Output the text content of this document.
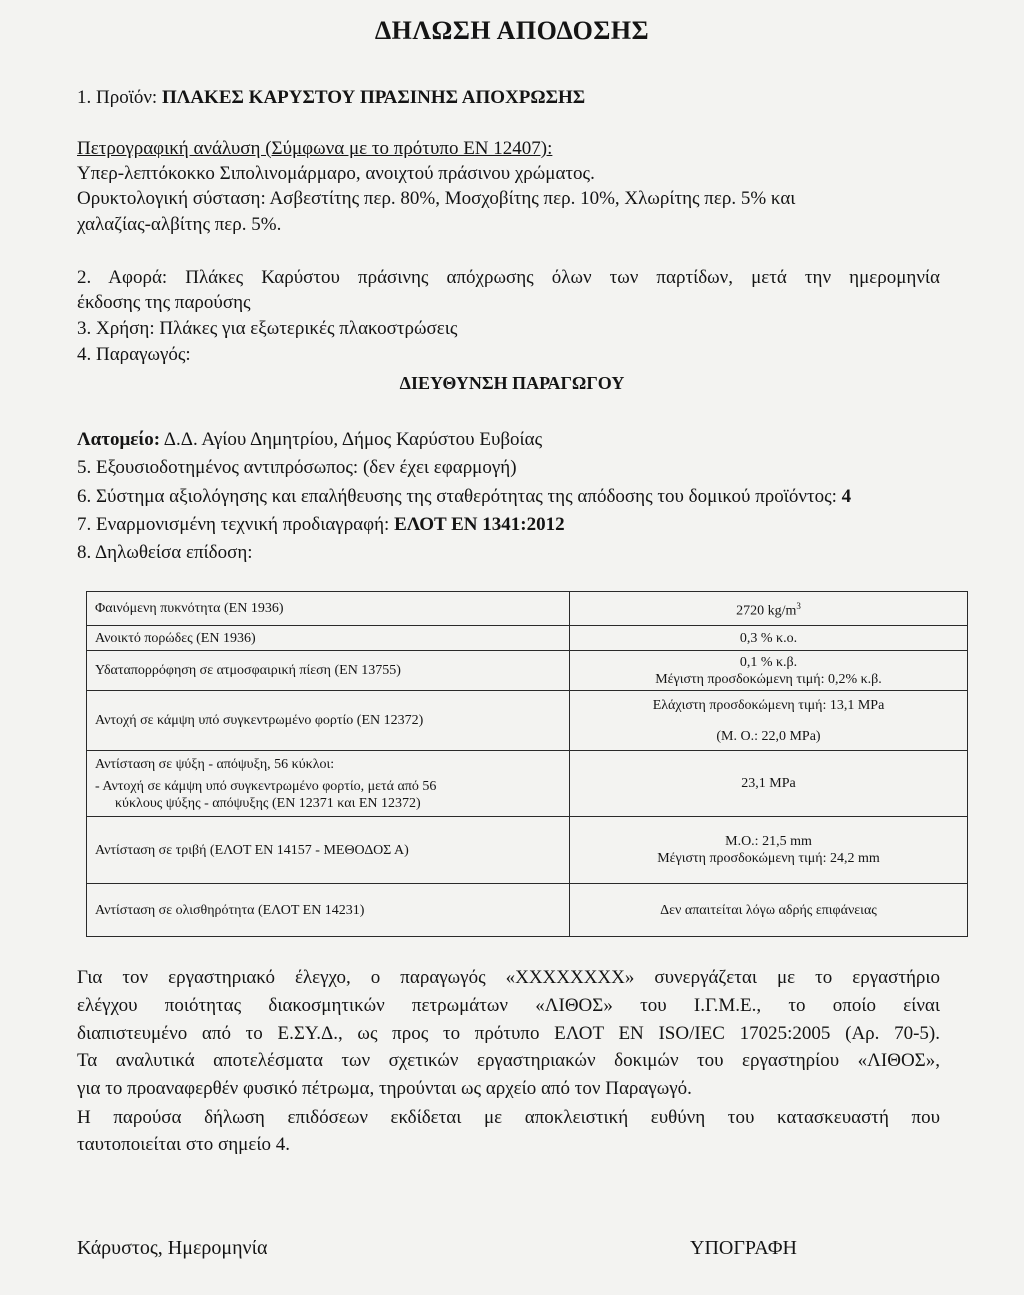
ΔΗΛΩΣΗ ΑΠΟΔΟΣΗΣ
1. Προϊόν: ΠΛΑΚΕΣ ΚΑΡΥΣΤΟΥ ΠΡΑΣΙΝΗΣ ΑΠΟΧΡΩΣΗΣ
Πετρογραφική ανάλυση (Σύμφωνα με το πρότυπο ΕΝ 12407):
Υπερ-λεπτόκοκκο Σιπολινομάρμαρο, ανοιχτού πράσινου χρώματος.
Ορυκτολογική σύσταση: Ασβεστίτης περ. 80%, Μοσχοβίτης περ. 10%, Χλωρίτης περ. 5% και
χαλαζίας-αλβίτης περ. 5%.
2. Αφορά: Πλάκες Καρύστου πράσινης απόχρωσης όλων των παρτίδων, μετά την ημερομηνία
έκδοσης της παρούσης
3. Χρήση: Πλάκες για εξωτερικές πλακοστρώσεις
4. Παραγωγός:
ΔΙΕΥΘΥΝΣΗ ΠΑΡΑΓΩΓΟΥ
Λατομείο: Δ.Δ. Αγίου Δημητρίου, Δήμος Καρύστου Ευβοίας
5. Εξουσιοδοτημένος αντιπρόσωπος: (δεν έχει εφαρμογή)
6. Σύστημα αξιολόγησης και επαλήθευσης της σταθερότητας της απόδοσης του δομικού προϊόντος: 4
7. Εναρμονισμένη τεχνική προδιαγραφή: ΕΛΟΤ ΕΝ 1341:2012
8. Δηλωθείσα επίδοση:
Φαινόμενη πυκνότητα (ΕΝ 1936)	2720 $kg/m^3$
Ανοικτό πορώδες (ΕΝ 1936)	0,3 % κ.ο.
Υδαταπορρόφηση σε ατμοσφαιρική πίεση (ΕΝ 13755)	0,1 % κ.β.
Μέγιστη προσδοκώμενη τιμή: 0,2% κ.β.

Αντοχή σε κάμψη υπό συγκεντρωμένο φορτίο (ΕΝ 12372)	Ελάχιστη προσδοκώμενη τιμή: 13,1 MPa
(Μ. Ο.: 22,0 MPa)

Αντίσταση σε ψύξη - απόψυξη, 56 κύκλοι:
- Αντοχή σε κάμψη υπό συγκεντρωμένο φορτίο, μετά από 56
κύκλους ψύξης - απόψυξης (ΕΝ 12371 και ΕΝ 12372)	23,1 MPa
Αντίσταση σε τριβή (ΕΛΟΤ ΕΝ 14157 - ΜΕΘΟΔΟΣ Α)	Μ.Ο.: 21,5 mm
Μέγιστη προσδοκώμενη τιμή: 24,2 mm

Αντίσταση σε ολισθηρότητα (ΕΛΟΤ ΕΝ 14231)	Δεν απαιτείται λόγω αδρής επιφάνειας
Για τον εργαστηριακό έλεγχο, ο παραγωγός «XXXXXXXX» συνεργάζεται με το εργαστήριο
ελέγχου ποιότητας διακοσμητικών πετρωμάτων «ΛΙΘΟΣ» του Ι.Γ.Μ.Ε., το οποίο είναι
διαπιστευμένο από το Ε.ΣΥ.Δ., ως προς το πρότυπο ΕΛΟΤ ΕΝ ISO/IEC 17025:2005 (Αρ. 70-5).
Τα αναλυτικά αποτελέσματα των σχετικών εργαστηριακών δοκιμών του εργαστηρίου «ΛΙΘΟΣ»,
για το προαναφερθέν φυσικό πέτρωμα, τηρούνται ως αρχείο από τον Παραγωγό.
Η παρούσα δήλωση επιδόσεων εκδίδεται με αποκλειστική ευθύνη του κατασκευαστή που
ταυτοποιείται στο σημείο 4.
Κάρυστος, Ημερομηνία	ΥΠΟΓΡΑΦΗ
